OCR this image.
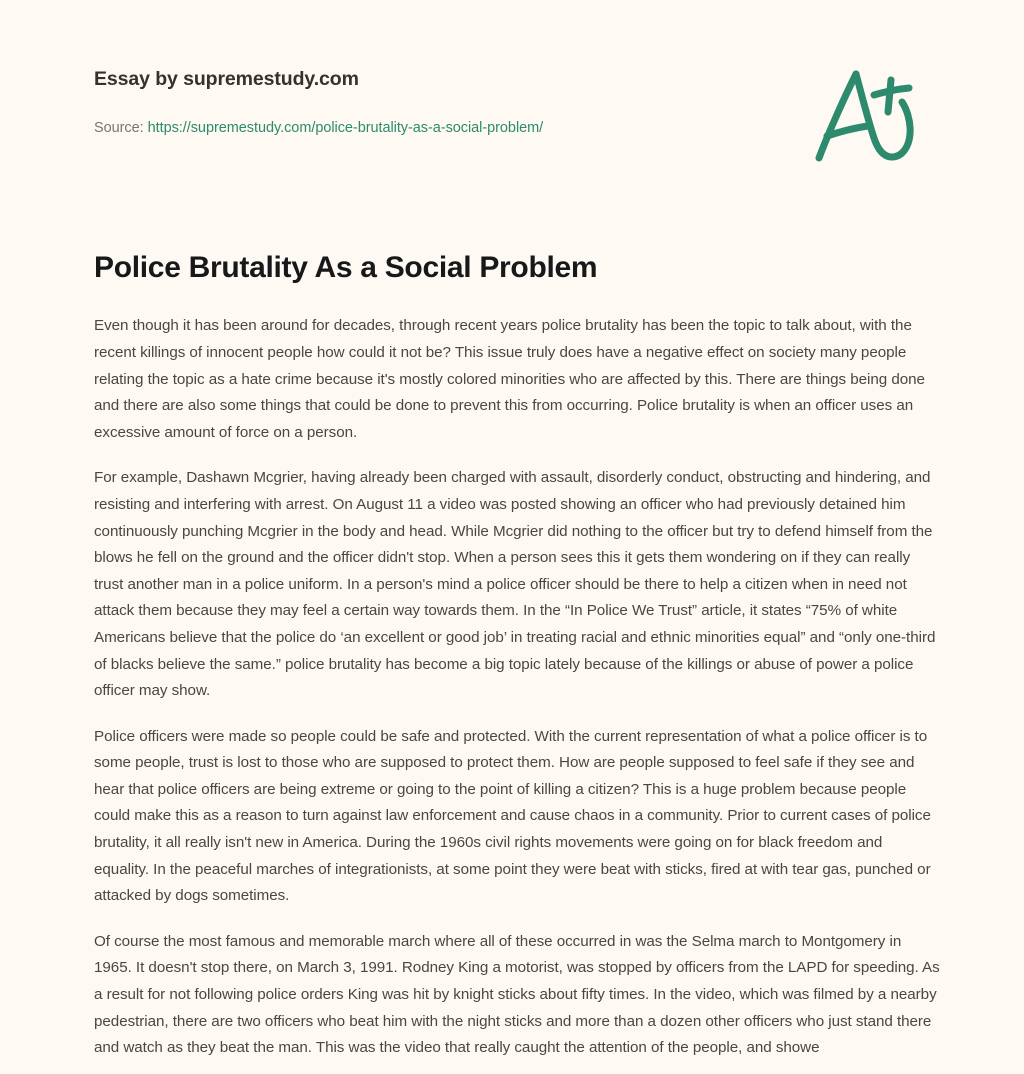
Essay by supremestudy.com
Source: https://supremestudy.com/police-brutality-as-a-social-problem/
Police Brutality As a Social Problem

Even though it has been around for decades, through recent years police brutality has been the topic to talk about, with the recent killings of innocent people how could it not be? This issue truly does have a negative effect on society many people relating the topic as a hate crime because it's mostly colored minorities who are affected by this. There are things being done and there are also some things that could be done to prevent this from occurring. Police brutality is when an officer uses an excessive amount of force on a person.

For example, Dashawn Mcgrier, having already been charged with assault, disorderly conduct, obstructing and hindering, and resisting and interfering with arrest. On August 11 a video was posted showing an officer who had previously detained him continuously punching Mcgrier in the body and head. While Mcgrier did nothing to the officer but try to defend himself from the blows he fell on the ground and the officer didn't stop. When a person sees this it gets them wondering on if they can really trust another man in a police uniform. In a person's mind a police officer should be there to help a citizen when in need not attack them because they may feel a certain way towards them. In the “In Police We Trust” article, it states “75% of white Americans believe that the police do ‘an excellent or good job’ in treating racial and ethnic minorities equal” and “only one-third of blacks believe the same.” police brutality has become a big topic lately because of the killings or abuse of power a police officer may show.

Police officers were made so people could be safe and protected. With the current representation of what a police officer is to some people, trust is lost to those who are supposed to protect them. How are people supposed to feel safe if they see and hear that police officers are being extreme or going to the point of killing a citizen? This is a huge problem because people could make this as a reason to turn against law enforcement and cause chaos in a community. Prior to current cases of police brutality, it all really isn't new in America. During the 1960s civil rights movements were going on for black freedom and equality. In the peaceful marches of integrationists, at some point they were beat with sticks, fired at with tear gas, punched or attacked by dogs sometimes.

Of course the most famous and memorable march where all of these occurred in was the Selma march to Montgomery in 1965. It doesn't stop there, on March 3, 1991. Rodney King a motorist, was stopped by officers from the LAPD for speeding. As a result for not following police orders King was hit by knight sticks about fifty times. In the video, which was filmed by a nearby pedestrian, there are two officers who beat him with the night sticks and more than a dozen other officers who just stand there and watch as they beat the man. This was the video that really caught the attention of the people, and showe
